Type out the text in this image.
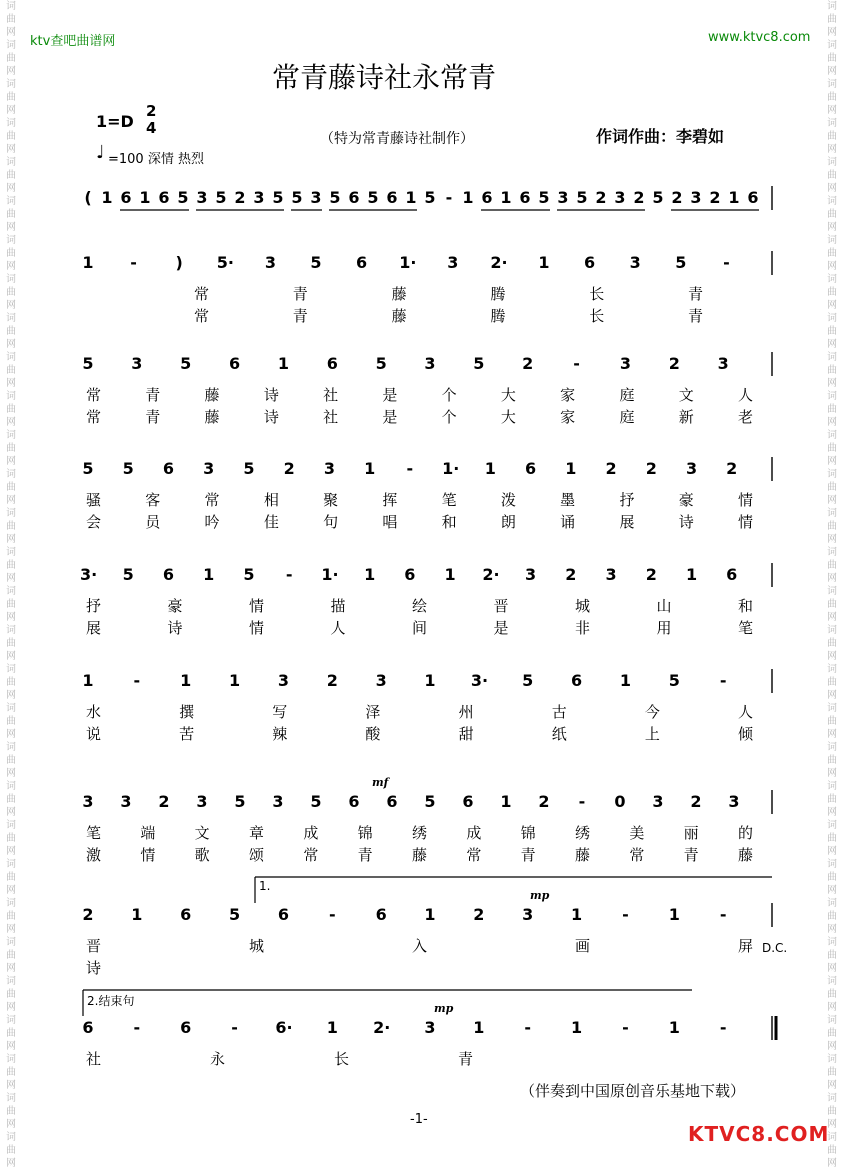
词
曲
网
词
曲
网
词
曲
网
词
曲
网
词
曲
网
词
曲
网
词
曲
网
词
曲
网
词
曲
网
词
曲
网
词
曲
网
词
曲
网
词
曲
网
词
曲
网
词
曲
网
词
曲
网
词
曲
网
词
曲
网
词
曲
网
词
曲
网
词
曲
网
词
曲
网
词
曲
网
词
曲
网
词
曲
网
词
曲
网
词
曲
网
词
曲
网
词
曲
网
词
曲
网
词
曲
网
词
曲
网
词
曲
网
词
曲
网
词
曲
网
词
曲
网
词
曲
网
词
曲
网
词
曲
网
词
曲
网
词
曲
网
词
曲
网
词
曲
网
词
曲
网
词
曲
网
词
曲
网
词
曲
网
词
曲
网
词
曲
网
词
曲
网
词
曲
网
词
曲
网
词
曲
网
词
曲
网
词
曲
网
词
曲
网
词
曲
网
词
曲
网
词
曲
网
词
曲
网
ktv查吧曲谱网	www.ktvc8.com
常青藤诗社永常青
1=D
2
4
♩ =100 深情 热烈
（特为常青藤诗社制作）	作词作曲：李碧如
( 1 6 1 6 5 3 5 2 3 5 5 3 5 6 5 6 1 5 - 1 6 1 6 5 3 5 2 3 2 5 2 3 2 1 6
1 - ) 5· 3 5 6 1· 3 2· 1 6 3 5 -
常	青	藤	腾	长	青
常	青	藤	腾	长	青
5 3 5 6 1 6 5 3 5 2 - 3 2 3
常	青	藤	诗	社	是	个	大	家	庭	文	人
常	青	藤	诗	社	是	个	大	家	庭	新	老
5 5 6 3 5 2 3 1 - 1· 1 6 1 2 2 3 2
骚	客	常	相	聚	挥	笔	泼	墨	抒	豪	情
会	员	吟	佳	句	唱	和	朗	诵	展	诗	情
3· 5 6 1 5 - 1· 1 6 1 2· 3 2 3 2 1 6
抒	豪	情	描	绘	晋	城	山	和
展	诗	情	人	间	是	非	用	笔
1 - 1 1 3 2 3 1 3· 5 6 1 5 -
水	撰	写	泽	州	古	今	人
说	苦	辣	酸	甜	纸	上	倾
3 3 2 3 5 3 5 6 6 5 6 1 2 - 0 3 2 3
mf
笔	端	文	章	成	锦	绣	成	锦	绣	美	丽	的
激	情	歌	颂	常	青	藤	常	青	藤	常	青	藤
2 1 6 5 6 - 6 1 2 3 1 - 1 -
1.
mp
D.C.
晋	城	入	画	屏
诗
6 - 6 - 6· 1 2· 3 1 - 1 - 1 -
2.结束句
mp
社	永	长	青
（伴奏到中国原创音乐基地下载）
-1-
KTVC8.COM
